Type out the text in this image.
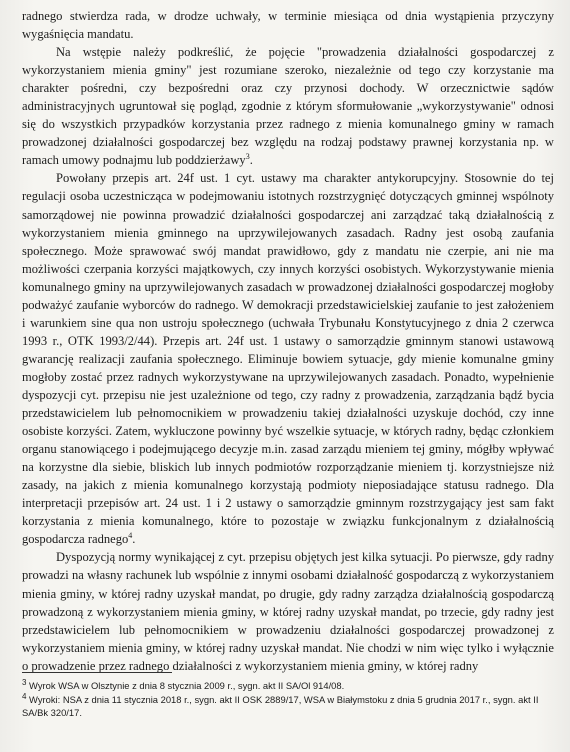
radnego stwierdza rada, w drodze uchwały, w terminie miesiąca od dnia wystąpienia przyczyny wygaśnięcia mandatu.

Na wstępie należy podkreślić, że pojęcie "prowadzenia działalności gospodarczej z wykorzystaniem mienia gminy" jest rozumiane szeroko, niezależnie od tego czy korzystanie ma charakter pośredni, czy bezpośredni oraz czy przynosi dochody. W orzecznictwie sądów administracyjnych ugruntował się pogląd, zgodnie z którym sformułowanie „wykorzystywanie" odnosi się do wszystkich przypadków korzystania przez radnego z mienia komunalnego gminy w ramach prowadzonej działalności gospodarczej bez względu na rodzaj podstawy prawnej korzystania np. w ramach umowy podnajmu lub poddzierżawy$^3$.

Powołany przepis art. 24f ust. 1 cyt. ustawy ma charakter antykorupcyjny. Stosownie do tej regulacji osoba uczestnicząca w podejmowaniu istotnych rozstrzygnięć dotyczących gminnej wspólnoty samorządowej nie powinna prowadzić działalności gospodarczej ani zarządzać taką działalnością z wykorzystaniem mienia gminnego na uprzywilejowanych zasadach. Radny jest osobą zaufania społecznego. Może sprawować swój mandat prawidłowo, gdy z mandatu nie czerpie, ani nie ma możliwości czerpania korzyści majątkowych, czy innych korzyści osobistych. Wykorzystywanie mienia komunalnego gminy na uprzywilejowanych zasadach w prowadzonej działalności gospodarczej mogłoby podważyć zaufanie wyborców do radnego. W demokracji przedstawicielskiej zaufanie to jest założeniem i warunkiem sine qua non ustroju społecznego (uchwała Trybunału Konstytucyjnego z dnia 2 czerwca 1993 r., OTK 1993/2/44). Przepis art. 24f ust. 1 ustawy o samorządzie gminnym stanowi ustawową gwarancję realizacji zaufania społecznego. Eliminuje bowiem sytuacje, gdy mienie komunalne gminy mogłoby zostać przez radnych wykorzystywane na uprzywilejowanych zasadach. Ponadto, wypełnienie dyspozycji cyt. przepisu nie jest uzależnione od tego, czy radny z prowadzenia, zarządzania bądź bycia przedstawicielem lub pełnomocnikiem w prowadzeniu takiej działalności uzyskuje dochód, czy inne osobiste korzyści. Zatem, wykluczone powinny być wszelkie sytuacje, w których radny, będąc członkiem organu stanowiącego i podejmującego decyzje m.in. zasad zarządu mieniem tej gminy, mógłby wpływać na korzystne dla siebie, bliskich lub innych podmiotów rozporządzanie mieniem tj. korzystniejsze niż zasady, na jakich z mienia komunalnego korzystają podmioty nieposiadające statusu radnego. Dla interpretacji przepisów art. 24 ust. 1 i 2 ustawy o samorządzie gminnym rozstrzygający jest sam fakt korzystania z mienia komunalnego, które to pozostaje w związku funkcjonalnym z działalnością gospodarcza radnego$^4$.

Dyspozycją normy wynikającej z cyt. przepisu objętych jest kilka sytuacji. Po pierwsze, gdy radny prowadzi na własny rachunek lub wspólnie z innymi osobami działalność gospodarczą z wykorzystaniem mienia gminy, w której radny uzyskał mandat, po drugie, gdy radny zarządza działalnością gospodarczą prowadzoną z wykorzystaniem mienia gminy, w której radny uzyskał mandat, po trzecie, gdy radny jest przedstawicielem lub pełnomocnikiem w prowadzeniu działalności gospodarczej prowadzonej z wykorzystaniem mienia gminy, w której radny uzyskał mandat. Nie chodzi w nim więc tylko i wyłącznie o prowadzenie przez radnego działalności z wykorzystaniem mienia gminy, w której radny

$^3$ Wyrok WSA w Olsztynie z dnia 8 stycznia 2009 r., sygn. akt II SA/Ol 914/08.

$^4$ Wyroki: NSA z dnia 11 stycznia 2018 r., sygn. akt II OSK 2889/17, WSA w Białymstoku z dnia 5 grudnia 2017 r., sygn. akt II SA/Bk 320/17.
